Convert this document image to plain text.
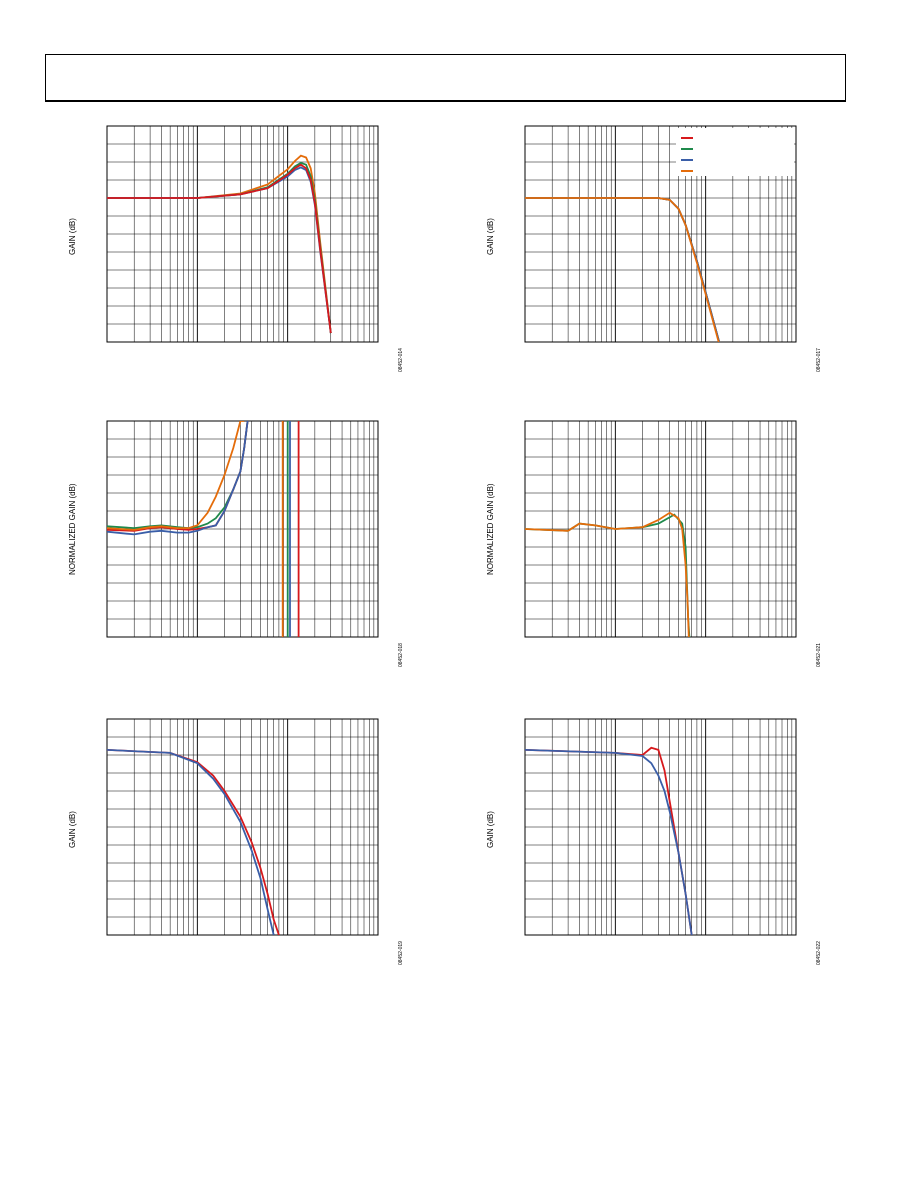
GAIN (dB)
08452-014
GAIN (dB)
08452-017
NORMALIZED GAIN (dB)
08452-018
NORMALIZED GAIN (dB)
08452-021
GAIN (dB)
08452-019
GAIN (dB)
08452-022
